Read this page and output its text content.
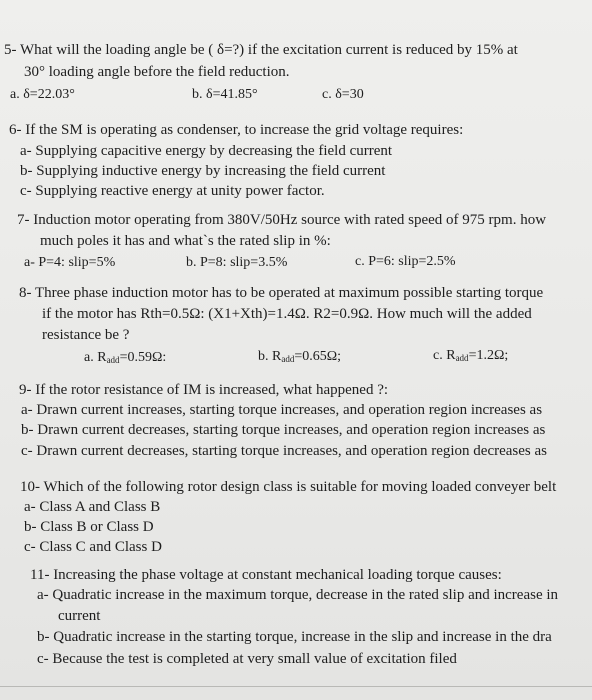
5- What will the loading angle be ( δ=?) if the excitation current is reduced by 15% at
30° loading angle before the field reduction.
a. δ=22.03°	b. δ=41.85°	c. δ=30
6- If the SM is operating as condenser, to increase the grid voltage requires:
a- Supplying capacitive energy by decreasing the field current
b- Supplying inductive energy by increasing the field current
c- Supplying reactive energy at unity power factor.
7- Induction motor operating from 380V/50Hz source with rated speed of 975 rpm. how
much poles it has and what`s the rated slip in %:
a- P=4: slip=5%	b. P=8: slip=3.5%	c. P=6: slip=2.5%
8- Three phase induction motor has to be operated at maximum possible starting torque
if the motor has Rth=0.5Ω: (X1+Xth)=1.4Ω. R2=0.9Ω. How much will the added
resistance be ?
a. $R_{add}=0.59\Omega$:	b. $R_{add}=0.65\Omega$;	c. $R_{add}=1.2\Omega$;
9- If the rotor resistance of IM is increased, what happened ?:
a- Drawn current increases, starting torque increases, and operation region increases as
b- Drawn current decreases, starting torque increases, and operation region increases as
c- Drawn current decreases, starting torque increases, and operation region decreases as
10- Which of the following rotor design class is suitable for moving loaded conveyer belt
a- Class A and Class B
b- Class B or Class D
c- Class C and Class D
11- Increasing the phase voltage at constant mechanical loading torque causes:
a- Quadratic increase in the maximum torque, decrease in the rated slip and increase in
current
b- Quadratic increase in the starting torque, increase in the slip and increase in the dra
c- Because the test is completed at very small value of excitation filed
